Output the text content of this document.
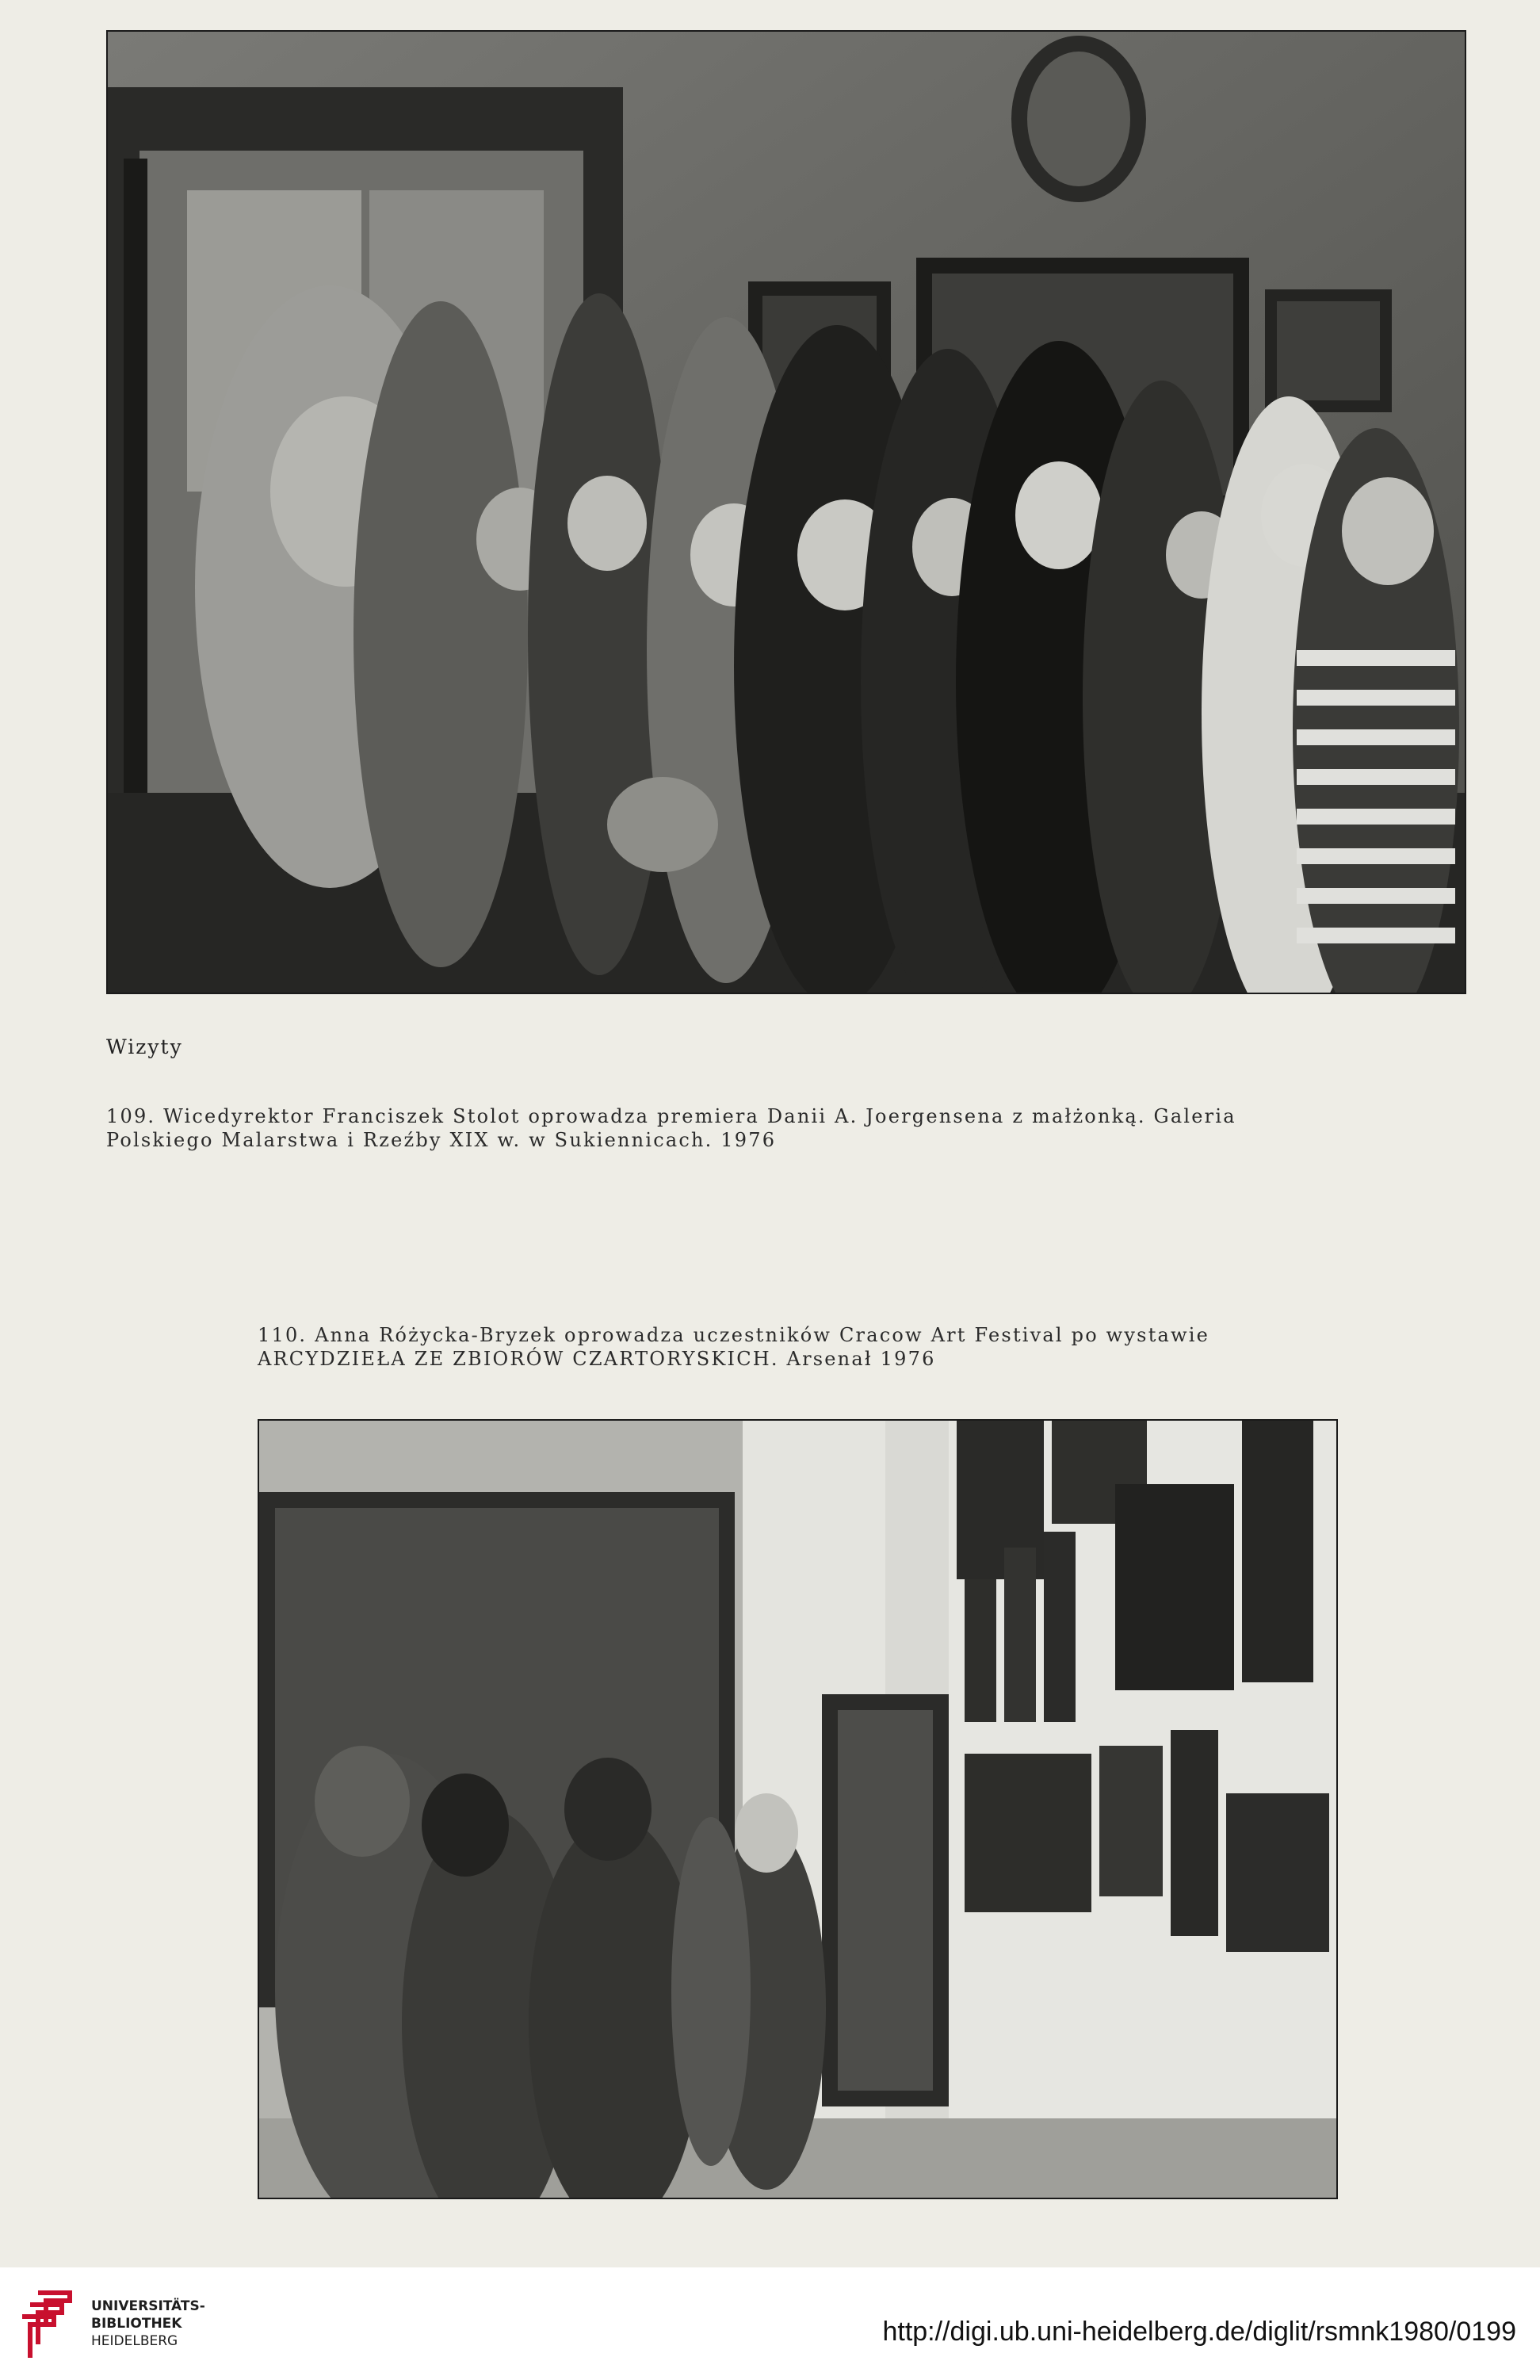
Wizyty
109. Wicedyrektor Franciszek Stolot oprowadza premiera Danii A. Joergensena z małżonką. Galeria
Polskiego Malarstwa i Rzeźby XIX w. w Sukiennicach. 1976
110. Anna Różycka-Bryzek oprowadza uczestników Cracow Art Festival po wystawie
ARCYDZIEŁA ZE ZBIORÓW CZARTORYSKICH. Arsenał 1976
UNIVERSITÄTS-
BIBLIOTHEK
HEIDELBERG	http://digi.ub.uni-heidelberg.de/diglit/rsmnk1980/0199
